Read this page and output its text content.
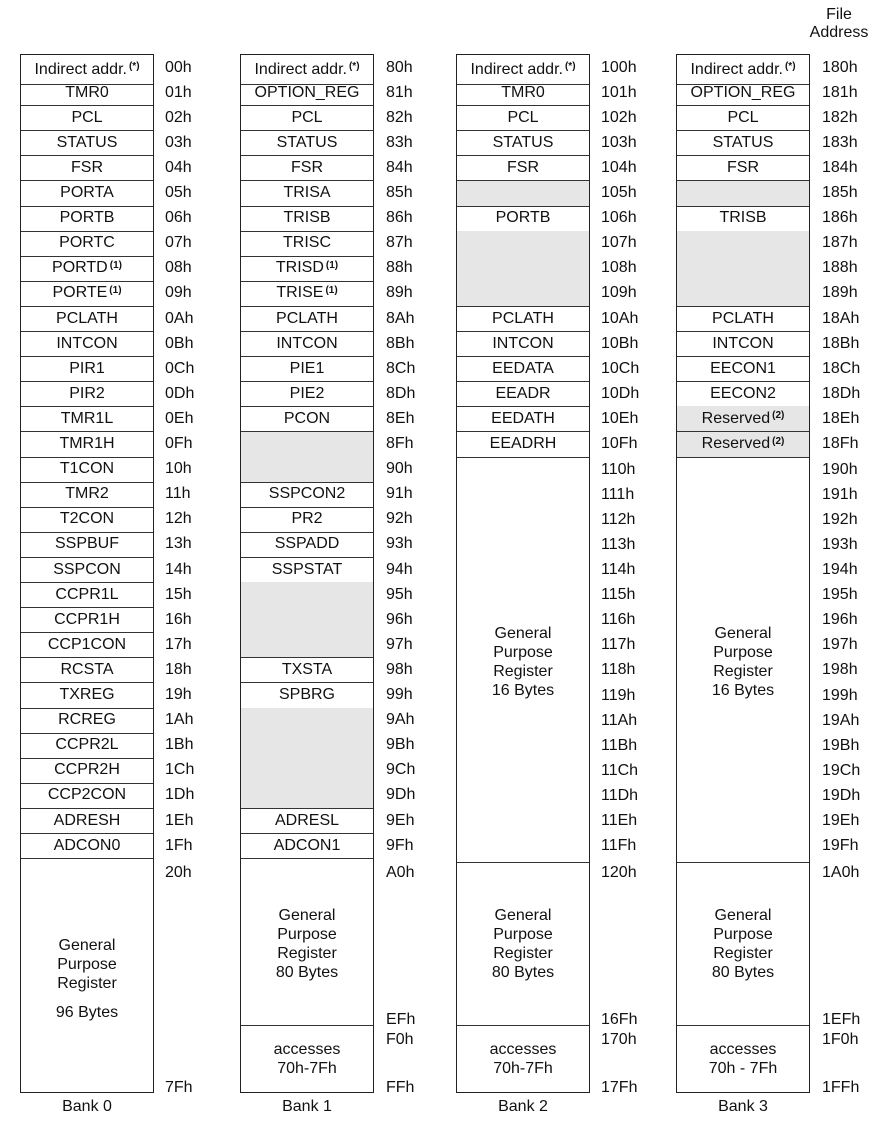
File
Address
Indirect addr.(*)
TMR0
PCL
STATUS
FSR
PORTA
PORTB
PORTC
PORTD$^{(1)}$
PORTE$^{(1)}$
PCLATH
INTCON
PIR1
PIR2
TMR1L
TMR1H
T1CON
TMR2
T2CON
SSPBUF
SSPCON
CCPR1L
CCPR1H
CCP1CON
RCSTA
TXREG
RCREG
CCPR2L
CCPR2H
CCP2CON
ADRESH
ADCON0
General
Purpose
Register
96 Bytes
00h
01h
02h
03h
04h
05h
06h
07h
08h
09h
0Ah
0Bh
0Ch
0Dh
0Eh
0Fh
10h
11h
12h
13h
14h
15h
16h
17h
18h
19h
1Ah
1Bh
1Ch
1Dh
1Eh
1Fh
20h
7Fh
Bank 0
Indirect addr.(*)
OPTION_REG
PCL
STATUS
FSR
TRISA
TRISB
TRISC
TRISD$^{(1)}$
TRISE$^{(1)}$
PCLATH
INTCON
PIE1
PIE2
PCON
SSPCON2
PR2
SSPADD
SSPSTAT
TXSTA
SPBRG
ADRESL
ADCON1
General
Purpose
Register
80 Bytes
accesses
70h-7Fh
80h
81h
82h
83h
84h
85h
86h
87h
88h
89h
8Ah
8Bh
8Ch
8Dh
8Eh
8Fh
90h
91h
92h
93h
94h
95h
96h
97h
98h
99h
9Ah
9Bh
9Ch
9Dh
9Eh
9Fh
A0h
EFh
F0h
FFh
Bank 1
Indirect addr.(*)
TMR0
PCL
STATUS
FSR
PORTB
PCLATH
INTCON
EEDATA
EEADR
EEDATH
EEADRH
General
Purpose
Register
16 Bytes
General
Purpose
Register
80 Bytes
accesses
70h-7Fh
100h
101h
102h
103h
104h
105h
106h
107h
108h
109h
10Ah
10Bh
10Ch
10Dh
10Eh
10Fh
110h
111h
112h
113h
114h
115h
116h
117h
118h
119h
11Ah
11Bh
11Ch
11Dh
11Eh
11Fh
120h
16Fh
170h
17Fh
Bank 2
Indirect addr.(*)
OPTION_REG
PCL
STATUS
FSR
TRISB
PCLATH
INTCON
EECON1
EECON2
Reserved$^{(2)}$
Reserved$^{(2)}$
General
Purpose
Register
16 Bytes
General
Purpose
Register
80 Bytes
accesses
70h - 7Fh
180h
181h
182h
183h
184h
185h
186h
187h
188h
189h
18Ah
18Bh
18Ch
18Dh
18Eh
18Fh
190h
191h
192h
193h
194h
195h
196h
197h
198h
199h
19Ah
19Bh
19Ch
19Dh
19Eh
19Fh
1A0h
1EFh
1F0h
1FFh
Bank 3
